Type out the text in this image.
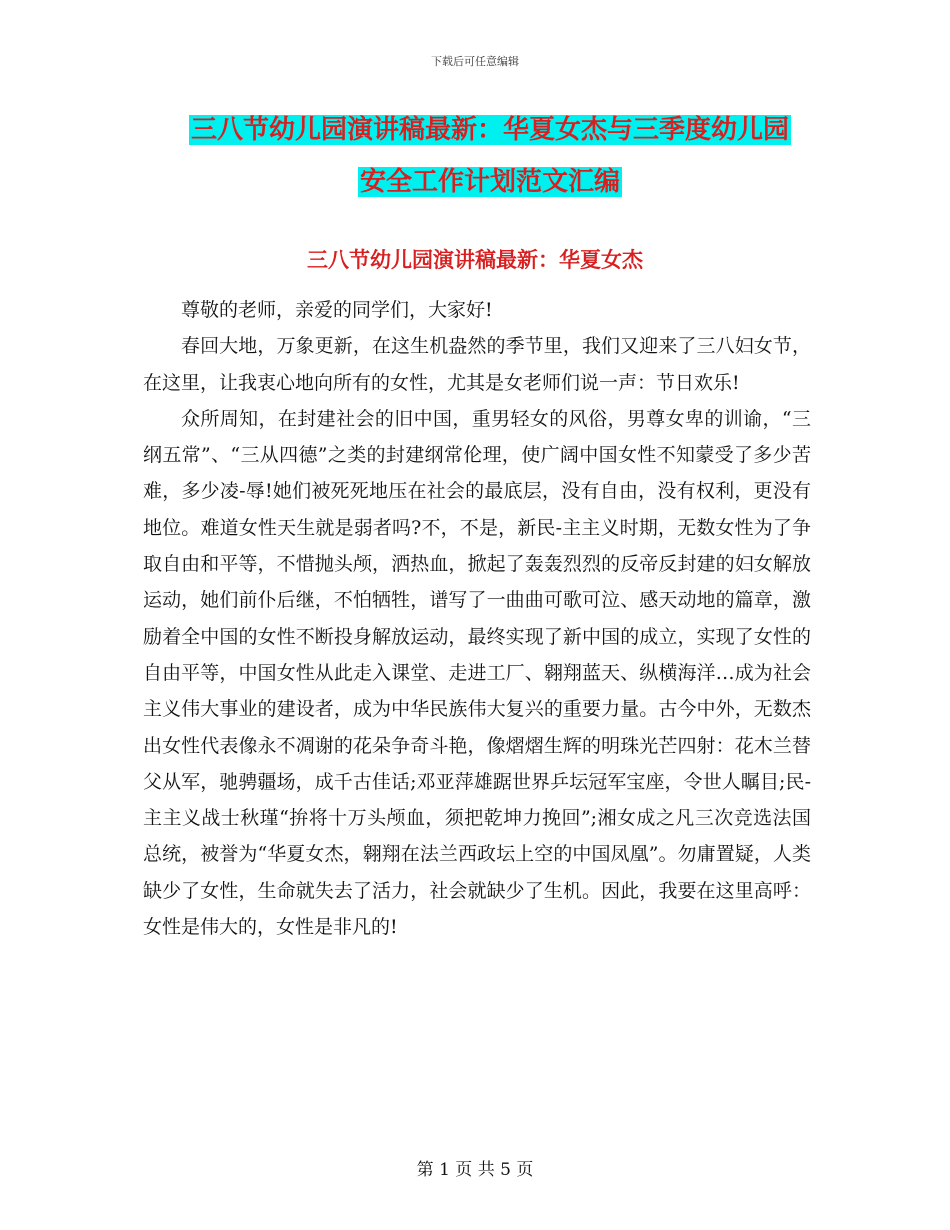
下载后可任意编辑
三八节幼儿园演讲稿最新：华夏女杰与三季度幼儿园
安全工作计划范文汇编
三八节幼儿园演讲稿最新：华夏女杰

尊敬的老师，亲爱的同学们，大家好!

春回大地，万象更新，在这生机盎然的季节里，我们又迎来了三八妇女节，在这里，让我衷心地向所有的女性，尤其是女老师们说一声：节日欢乐!

众所周知，在封建社会的旧中国，重男轻女的风俗，男尊女卑的训谕，“三纲五常”、“三从四德”之类的封建纲常伦理，使广阔中国女性不知蒙受了多少苦难，多少凌-辱!她们被死死地压在社会的最底层，没有自由，没有权利，更没有地位。难道女性天生就是弱者吗?不，不是，新民-主主义时期，无数女性为了争取自由和平等，不惜抛头颅，洒热血，掀起了轰轰烈烈的反帝反封建的妇女解放运动，她们前仆后继，不怕牺牲，谱写了一曲曲可歌可泣、感天动地的篇章，激励着全中国的女性不断投身解放运动，最终实现了新中国的成立，实现了女性的自由平等，中国女性从此走入课堂、走进工厂、翱翔蓝天、纵横海洋…成为社会主义伟大事业的建设者，成为中华民族伟大复兴的重要力量。古今中外，无数杰出女性代表像永不凋谢的花朵争奇斗艳，像熠熠生辉的明珠光芒四射：花木兰替父从军，驰骋疆场，成千古佳话;邓亚萍雄踞世界乒坛冠军宝座，令世人瞩目;民-主主义战士秋瑾“拚将十万头颅血，须把乾坤力挽回”;湘女成之凡三次竞选法国总统，被誉为“华夏女杰，翱翔在法兰西政坛上空的中国凤凰”。勿庸置疑，人类缺少了女性，生命就失去了活力，社会就缺少了生机。因此，我要在这里高呼：女性是伟大的，女性是非凡的!

第 1 页 共 5 页
